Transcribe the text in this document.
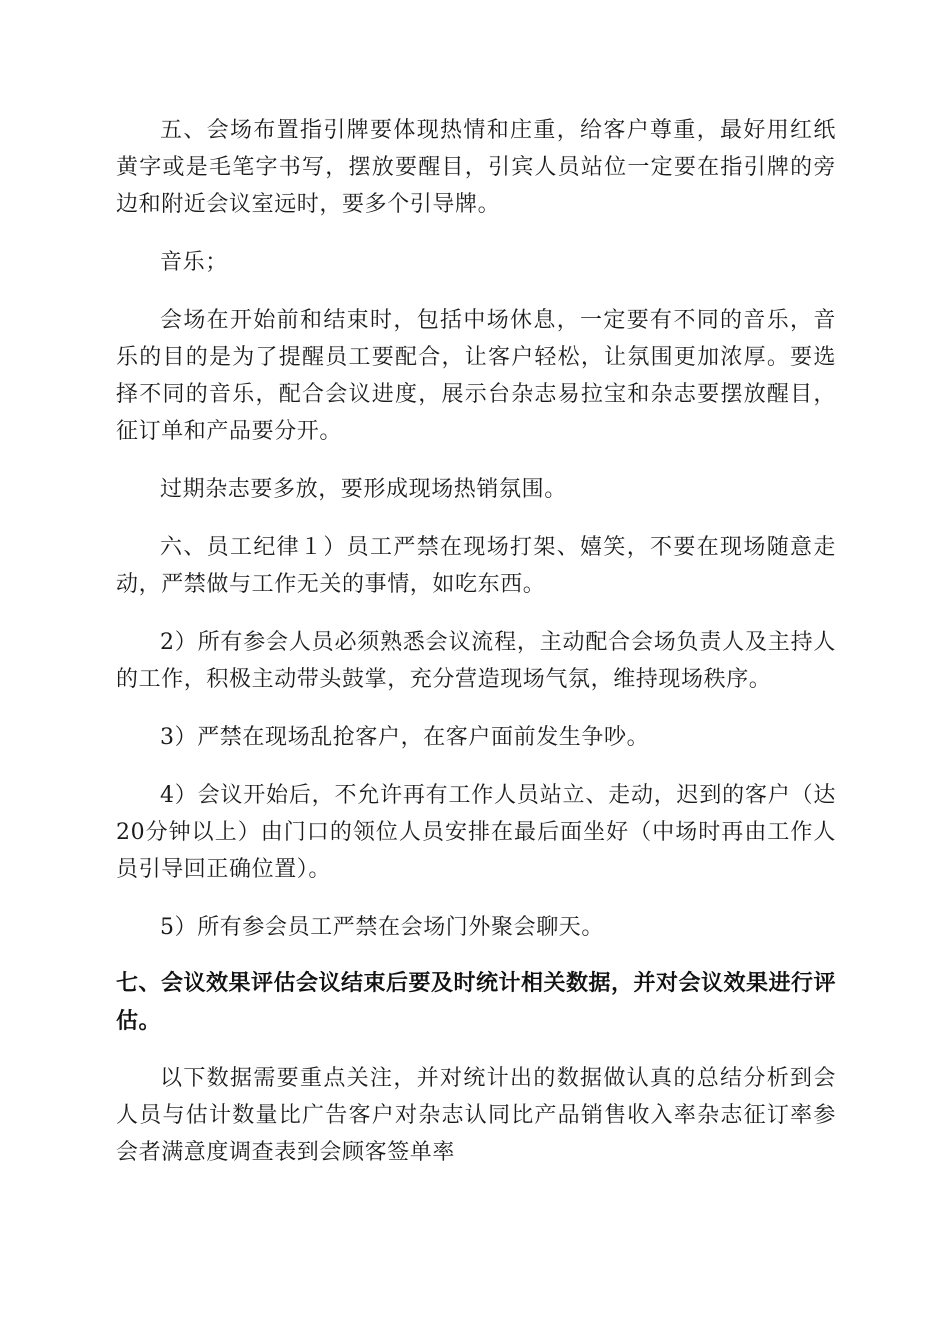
五、会场布置指引牌要体现热情和庄重，给客户尊重，最好用红纸黄字或是毛笔字书写，摆放要醒目，引宾人员站位一定要在指引牌的旁边和附近会议室远时，要多个引导牌。

音乐；

会场在开始前和结束时，包括中场休息，一定要有不同的音乐，音乐的目的是为了提醒员工要配合，让客户轻松，让氛围更加浓厚。要选择不同的音乐，配合会议进度，展示台杂志易拉宝和杂志要摆放醒目，征订单和产品要分开。

过期杂志要多放，要形成现场热销氛围。

六、员工纪律１）员工严禁在现场打架、嬉笑，不要在现场随意走动，严禁做与工作无关的事情，如吃东西。

2）所有参会人员必须熟悉会议流程，主动配合会场负责人及主持人的工作，积极主动带头鼓掌，充分营造现场气氛，维持现场秩序。

3）严禁在现场乱抢客户，在客户面前发生争吵。

4）会议开始后，不允许再有工作人员站立、走动，迟到的客户（达20分钟以上）由门口的领位人员安排在最后面坐好（中场时再由工作人员引导回正确位置）。

5）所有参会员工严禁在会场门外聚会聊天。

七、会议效果评估会议结束后要及时统计相关数据，并对会议效果进行评估。

以下数据需要重点关注，并对统计出的数据做认真的总结分析到会人员与估计数量比广告客户对杂志认同比产品销售收入率杂志征订率参会者满意度调查表到会顾客签单率
